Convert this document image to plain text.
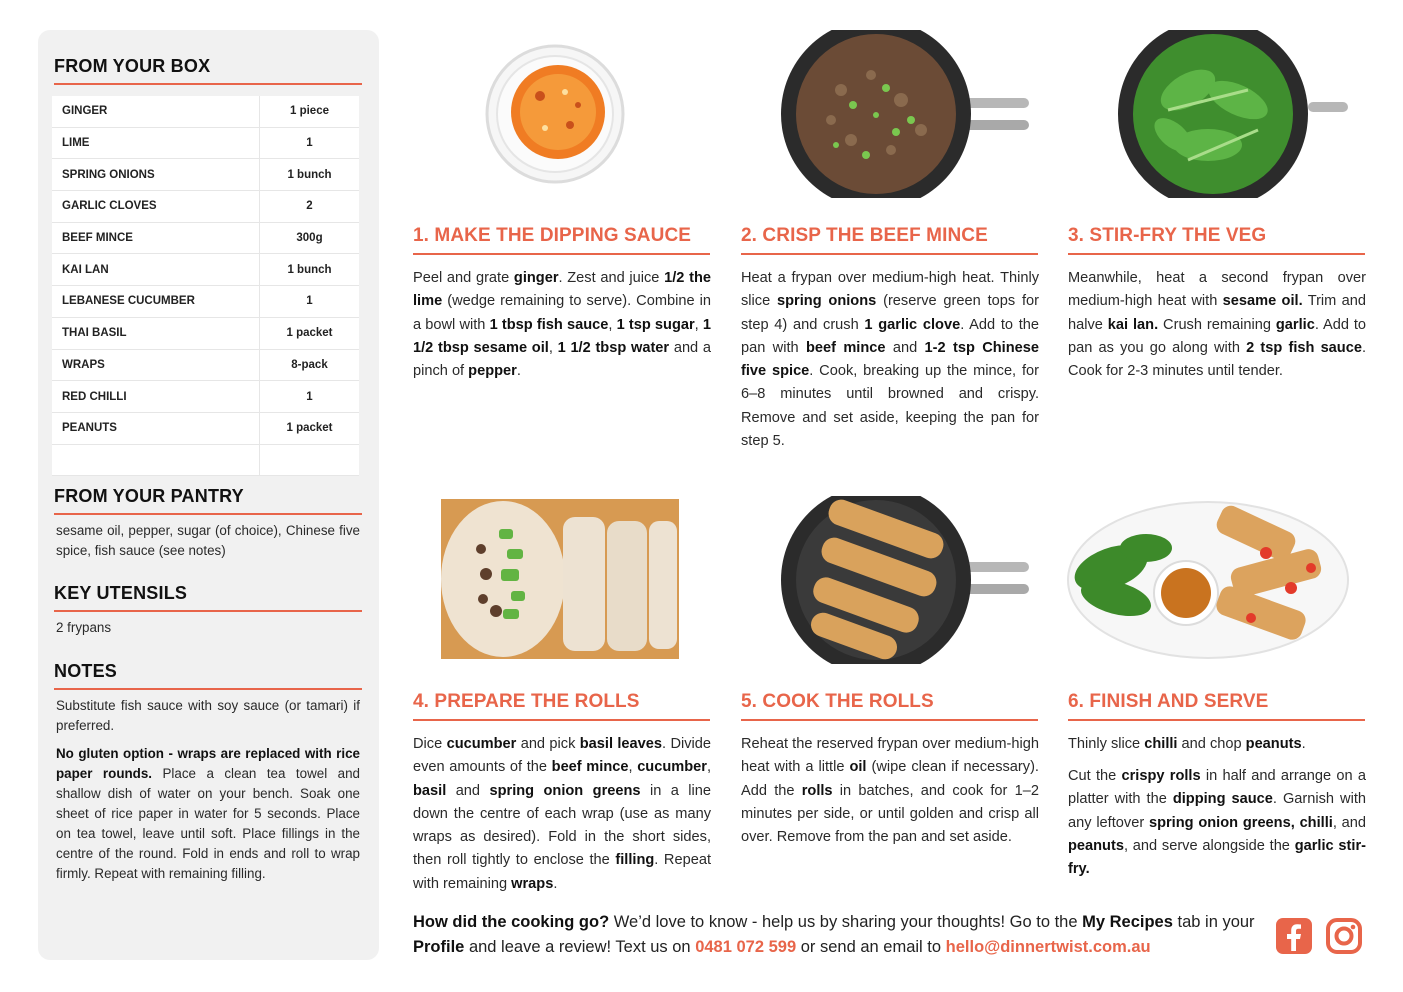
FROM YOUR BOX
GINGER	1 piece
LIME	1
SPRING ONIONS	1 bunch
GARLIC CLOVES	2
BEEF MINCE	300g
KAI LAN	1 bunch
LEBANESE CUCUMBER	1
THAI BASIL	1 packet
WRAPS	8-pack
RED CHILLI	1
PEANUTS	1 packet
FROM YOUR PANTRY
sesame oil, pepper, sugar (of choice), Chinese five spice, fish sauce (see notes)
KEY UTENSILS
2 frypans
NOTES
Substitute fish sauce with soy sauce (or tamari) if preferred.
No gluten option - wraps are replaced with rice paper rounds. Place a clean tea towel and shallow dish of water on your bench. Soak one sheet of rice paper in water for 5 seconds. Place on tea towel, leave until soft. Place fillings in the centre of the round. Fold in ends and roll to wrap firmly. Repeat with remaining filling.
1. MAKE THE DIPPING SAUCE
Peel and grate ginger. Zest and juice 1/2 the lime (wedge remaining to serve). Combine in a bowl with 1 tbsp fish sauce, 1 tsp sugar, 1 1/2 tbsp sesame oil, 1 1/2 tbsp water and a pinch of pepper.
2. CRISP THE BEEF MINCE
Heat a frypan over medium-high heat. Thinly slice spring onions (reserve green tops for step 4) and crush 1 garlic clove. Add to the pan with beef mince and 1-2 tsp Chinese five spice. Cook, breaking up the mince, for 6–8 minutes until browned and crispy. Remove and set aside, keeping the pan for step 5.
3. STIR-FRY THE VEG
Meanwhile, heat a second frypan over medium-high heat with sesame oil. Trim and halve kai lan. Crush remaining garlic. Add to pan as you go along with 2 tsp fish sauce. Cook for 2-3 minutes until tender.
4. PREPARE THE ROLLS
Dice cucumber and pick basil leaves. Divide even amounts of the beef mince, cucumber, basil and spring onion greens in a line down the centre of each wrap (use as many wraps as desired). Fold in the short sides, then roll tightly to enclose the filling. Repeat with remaining wraps.
5. COOK THE ROLLS
Reheat the reserved frypan over medium-high heat with a little oil (wipe clean if necessary). Add the rolls in batches, and cook for 1–2 minutes per side, or until golden and crisp all over. Remove from the pan and set aside.
6. FINISH AND SERVE
Thinly slice chilli and chop peanuts.
Cut the crispy rolls in half and arrange on a platter with the dipping sauce. Garnish with any leftover spring onion greens, chilli, and peanuts, and serve alongside the garlic stir-fry.
How did the cooking go? We’d love to know - help us by sharing your thoughts! Go to the My Recipes tab in your Profile and leave a review! Text us on 0481 072 599 or send an email to hello@dinnertwist.com.au
